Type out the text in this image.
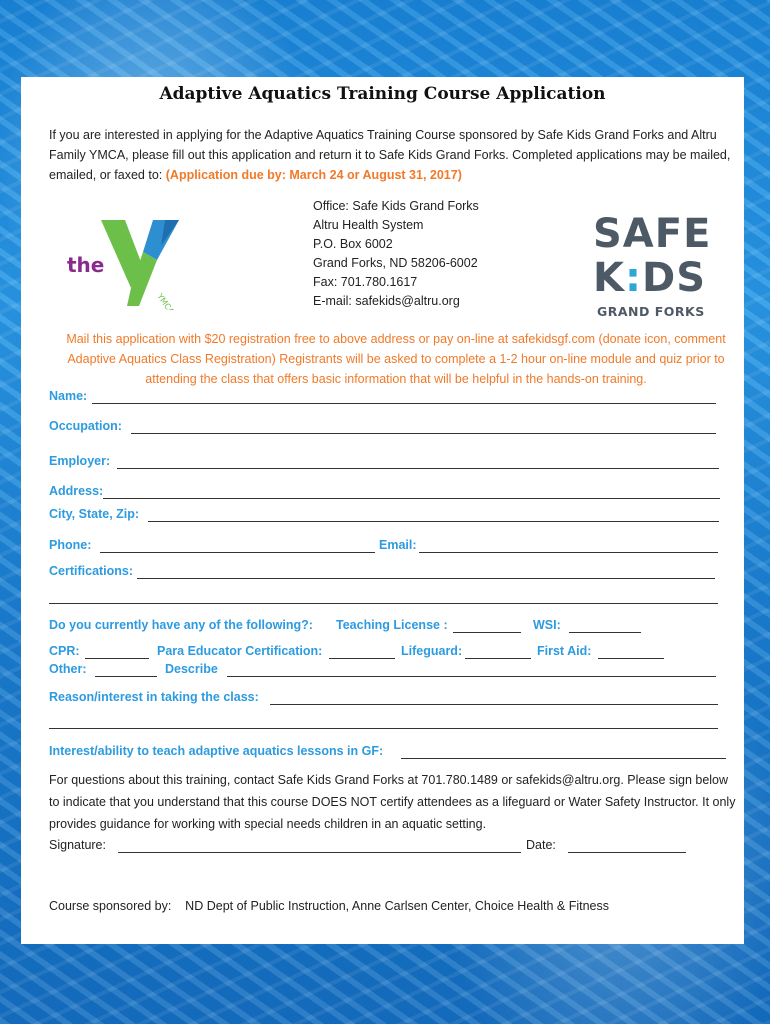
Adaptive Aquatics Training Course Application
If you are interested in applying for the Adaptive Aquatics Training Course sponsored by Safe Kids Grand Forks and Altru Family YMCA, please fill out this application and return it to Safe Kids Grand Forks. Completed applications may be mailed, emailed, or faxed to: (Application due by: March 24 or August 31, 2017)
the
YMCA
Office: Safe Kids Grand Forks
Altru Health System
P.O. Box 6002
Grand Forks, ND 58206-6002
Fax: 701.780.1617
E-mail: safekids@altru.org
SAFE
K:DS
GRAND FORKS
Mail this application with $20 registration free to above address or pay on-line at safekidsgf.com (donate icon, comment Adaptive Aquatics Class Registration) Registrants will be asked to complete a 1-2 hour on-line module and quiz prior to attending the class that offers basic information that will be helpful in the hands-on training.
Name:
Occupation:
Employer:
Address:
City, State, Zip:
Phone:	Email:
Certifications:
Do you currently have any of the following?: Teaching License :	WSI:
CPR:	Para Educator Certification:	Lifeguard:	First Aid:
Other:	Describe
Reason/interest in taking the class:
Interest/ability to teach adaptive aquatics lessons in GF:
For questions about this training, contact Safe Kids Grand Forks at 701.780.1489 or safekids@altru.org. Please sign below to indicate that you understand that this course DOES NOT certify attendees as a lifeguard or Water Safety Instructor. It only provides guidance for working with special needs children in an aquatic setting.
Signature:	Date:
Course sponsored by:    ND Dept of Public Instruction, Anne Carlsen Center, Choice Health & Fitness
